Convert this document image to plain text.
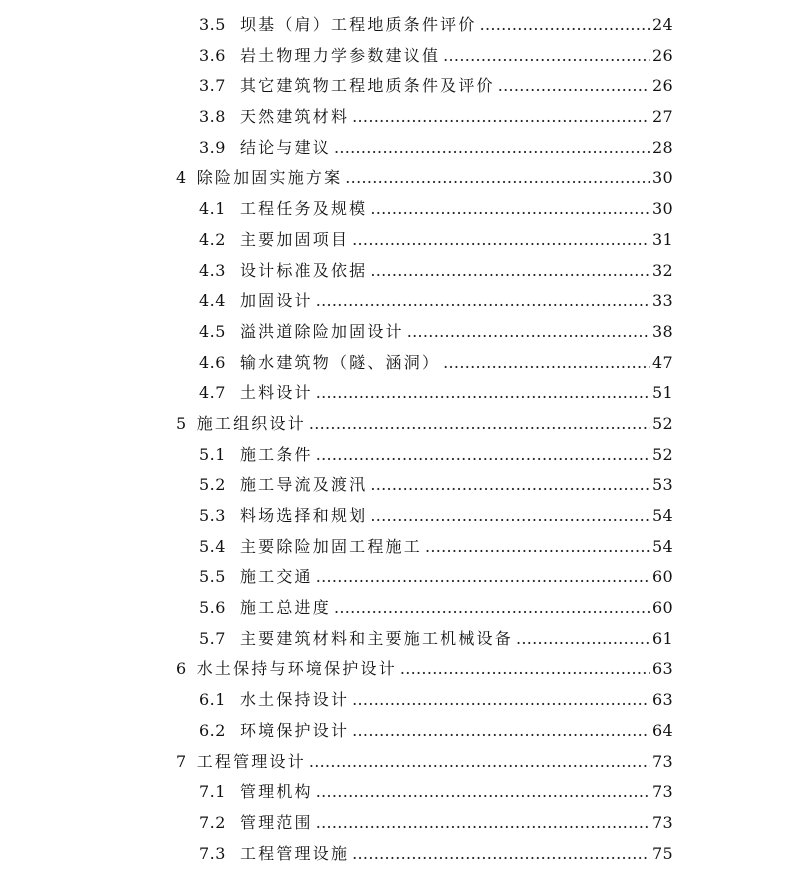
3.5 坝基（肩）工程地质条件评价 .....	24
3.6 岩土物理力学参数建议值 .....	26
3.7 其它建筑物工程地质条件及评价 .....	26
3.8 天然建筑材料 .....	27
3.9 结论与建议 .....	28
4 除险加固实施方案 .....	30
4.1 工程任务及规模 .....	30
4.2 主要加固项目 .....	31
4.3 设计标准及依据 .....	32
4.4 加固设计 .....	33
4.5 溢洪道除险加固设计 .....	38
4.6 输水建筑物（隧、涵洞） .....	47
4.7 土料设计 .....	51
5 施工组织设计 .....	52
5.1 施工条件 .....	52
5.2 施工导流及渡汛 .....	53
5.3 料场选择和规划 .....	54
5.4 主要除险加固工程施工 .....	54
5.5 施工交通 .....	60
5.6 施工总进度 .....	60
5.7 主要建筑材料和主要施工机械设备 .....	61
6 水土保持与环境保护设计 .....	63
6.1 水土保持设计 .....	63
6.2 环境保护设计 .....	64
7 工程管理设计 .....	73
7.1 管理机构 .....	73
7.2 管理范围 .....	73
7.3 工程管理设施 .....	75
